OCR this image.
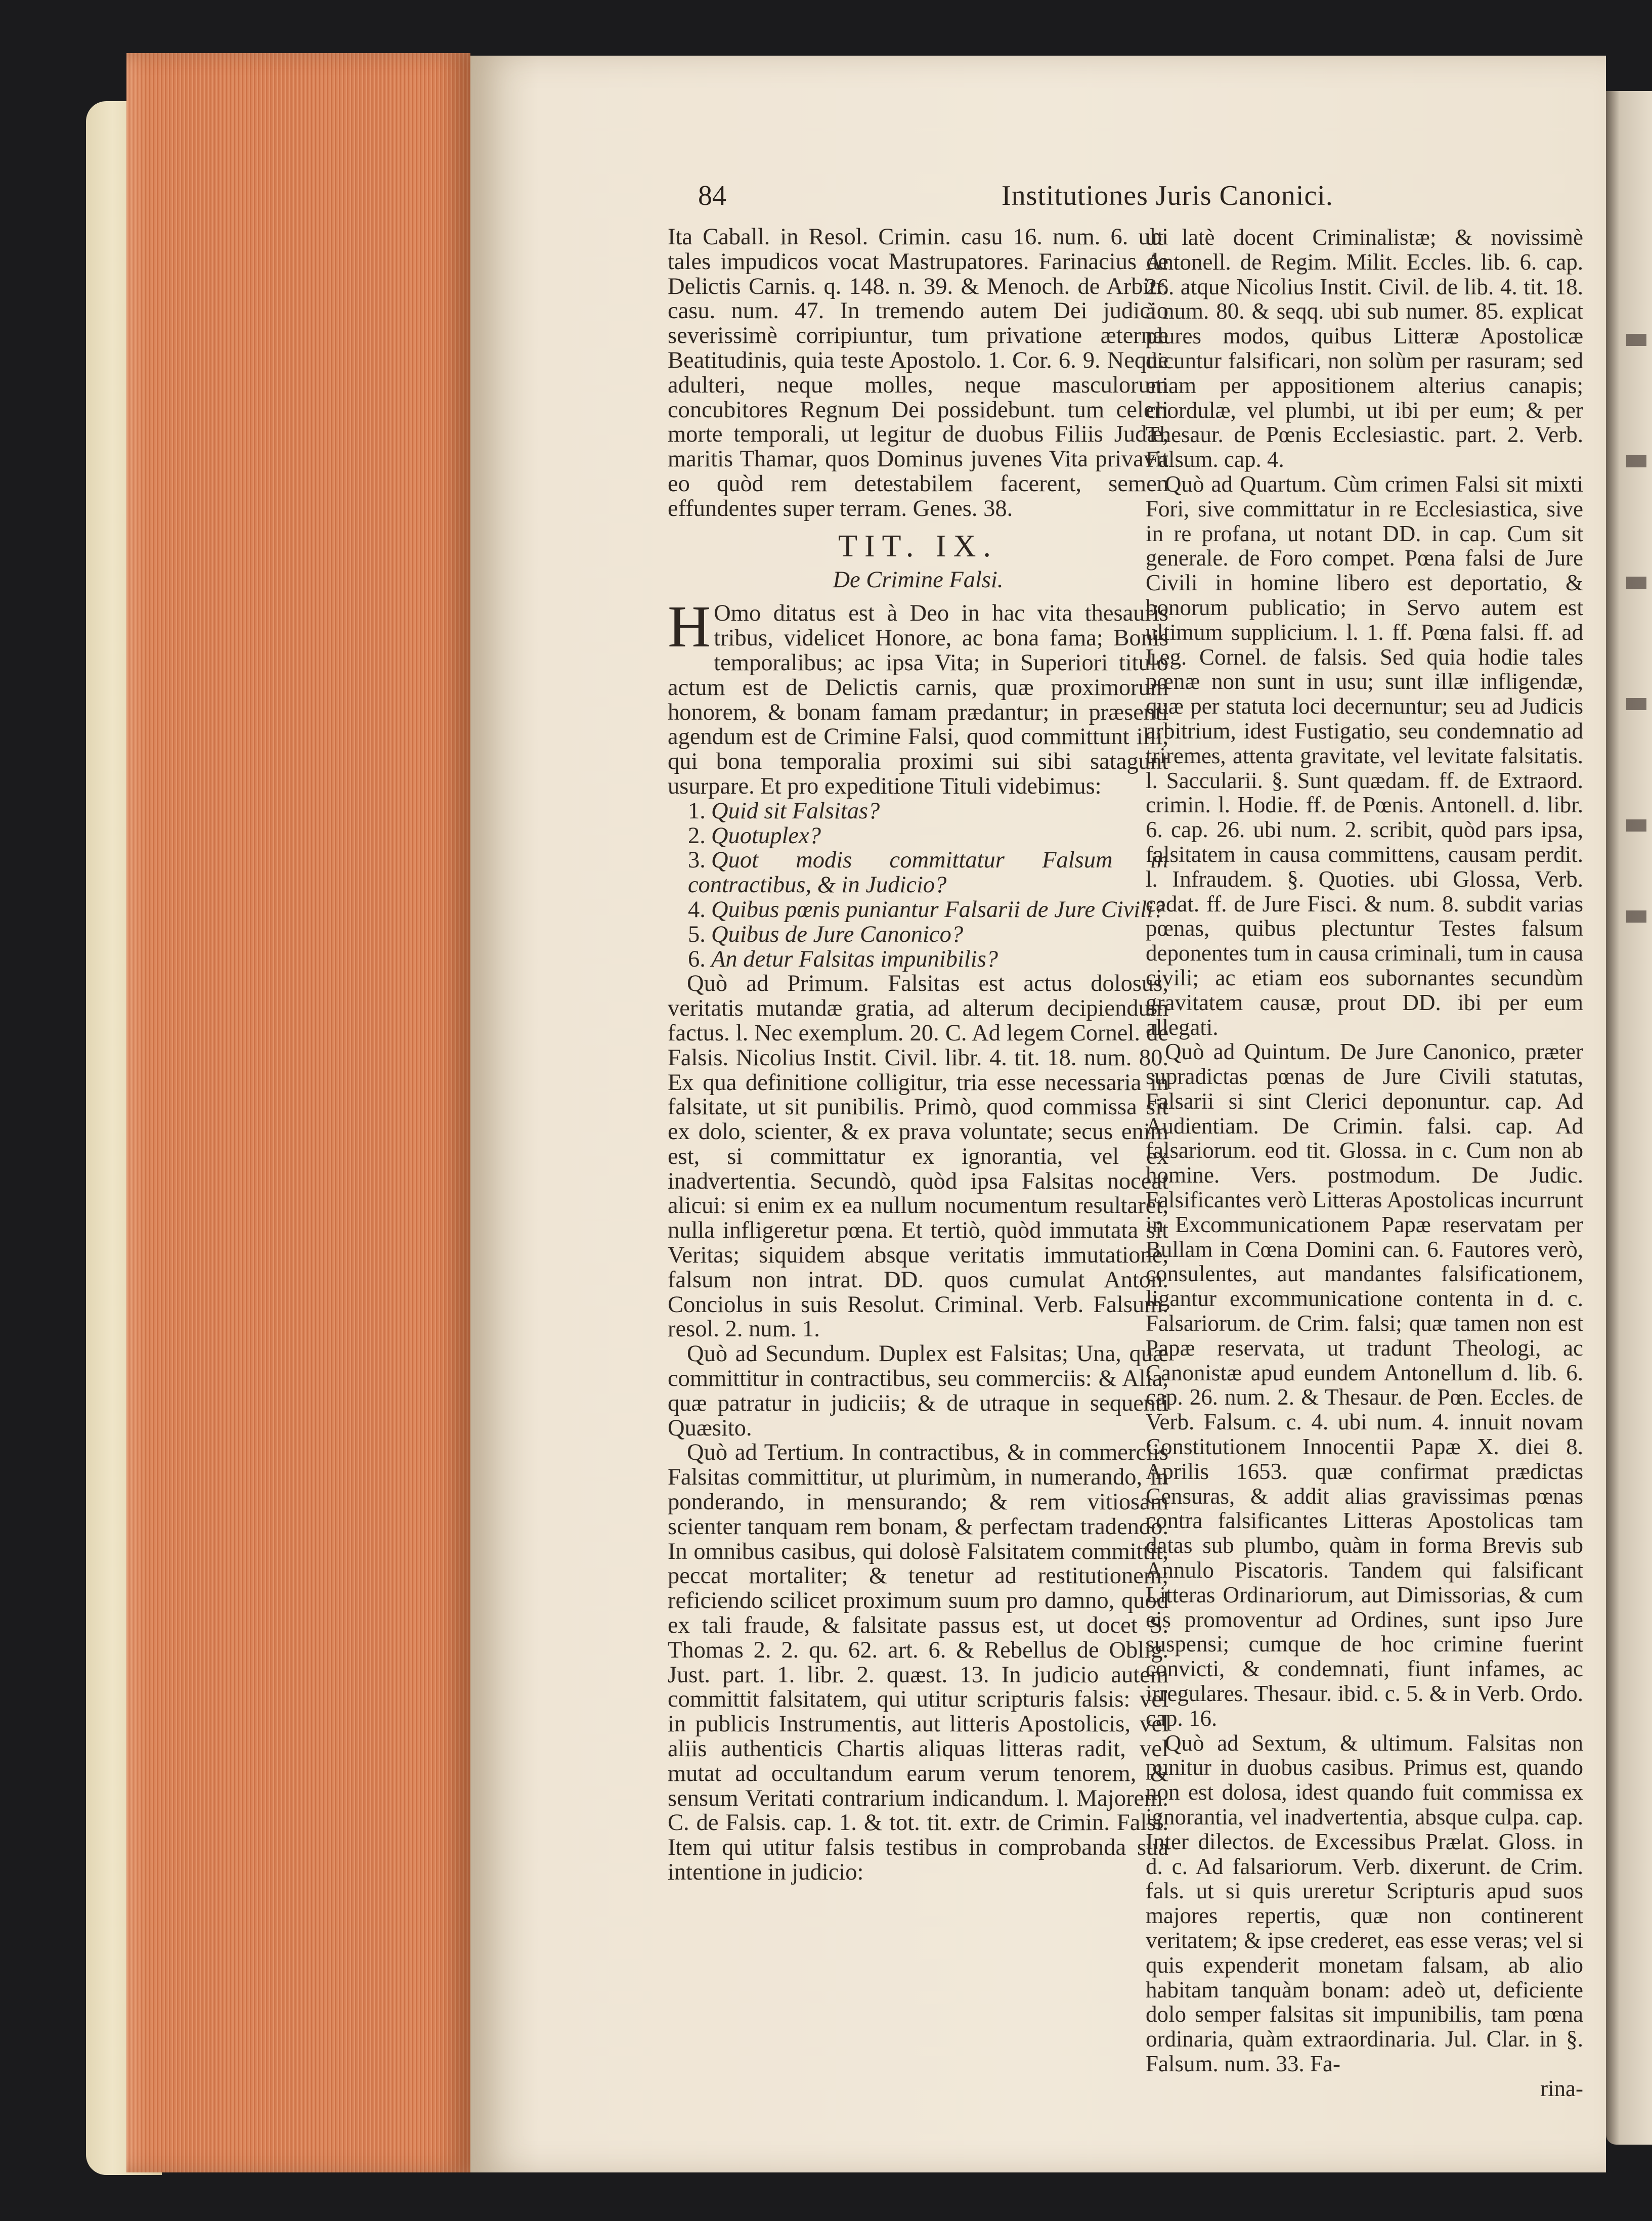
84	Institutiones Juris Canonici.

Ita Caball. in Resol. Crimin. casu 16. num. 6. ubi tales impudicos vocat Mastrupatores. Farinacius de Delictis Carnis. q. 148. n. 39. & Menoch. de Arbitr. casu. num. 47. In tremendo autem Dei judicio severissimè corripiuntur, tum privatione æternæ Beatitudinis, quia teste Apostolo. 1. Cor. 6. 9. Neque adulteri, neque molles, neque masculorum concubitores Regnum Dei possidebunt. tum celeri morte temporali, ut legitur de duobus Filiis Judæ, maritis Thamar, quos Dominus juvenes Vita privavit eo quòd rem detestabilem facerent, semen effundentes super terram. Genes. 38.

TIT. IX.
De Crimine Falsi.

H Omo ditatus est à Deo in hac vita thesauris tribus, videlicet Honore, ac bona fama; Bonis temporalibus; ac ipsa Vita; in Superiori titulo actum est de Delictis carnis, quæ proximorum honorem, & bonam famam prædantur; in præsenti agendum est de Crimine Falsi, quod committunt illi, qui bona temporalia proximi sui sibi satagunt usurpare. Et pro expeditione Tituli videbimus:

1. Quid sit Falsitas?
2. Quotuplex?
3. Quot modis committatur Falsum in contractibus, & in Judicio?
4. Quibus pœnis puniantur Falsarii de Jure Civili?
5. Quibus de Jure Canonico?
6. An detur Falsitas impunibilis?

Quò ad Primum. Falsitas est actus dolosus, veritatis mutandæ gratia, ad alterum decipiendum factus. l. Nec exemplum. 20. C. Ad legem Cornel. de Falsis. Nicolius Instit. Civil. libr. 4. tit. 18. num. 80. Ex qua definitione colligitur, tria esse necessaria in falsitate, ut sit punibilis. Primò, quod commissa sit ex dolo, scienter, & ex prava voluntate; secus enim est, si committatur ex ignorantia, vel ex inadvertentia. Secundò, quòd ipsa Falsitas noceat alicui: si enim ex ea nullum nocumentum resultaret, nulla infligeretur pœna. Et tertiò, quòd immutata sit Veritas; siquidem absque veritatis immutatione, falsum non intrat. DD. quos cumulat Anton. Conciolus in suis Resolut. Criminal. Verb. Falsum. resol. 2. num. 1.

Quò ad Secundum. Duplex est Falsitas; Una, quæ committitur in contractibus, seu commerciis: & Alia, quæ patratur in judiciis; & de utraque in sequenti Quæsito.

Quò ad Tertium. In contractibus, & in commerciis Falsitas committitur, ut plurimùm, in numerando, in ponderando, in mensurando; & rem vitiosam scienter tanquam rem bonam, & perfectam tradendo. In omnibus casibus, qui dolosè Falsitatem committit, peccat mortaliter; & tenetur ad restitutionem; reficiendo scilicet proximum suum pro damno, quod ex tali fraude, & falsitate passus est, ut docet S. Thomas 2. 2. qu. 62. art. 6. & Rebellus de Oblig. Just. part. 1. libr. 2. quæst. 13. In judicio autem committit falsitatem, qui utitur scripturis falsis: vel in publicis Instrumentis, aut litteris Apostolicis, vel aliis authenticis Chartis aliquas litteras radit, vel mutat ad occultandum earum verum tenorem, & sensum Veritati contrarium indicandum. l. Majorem. C. de Falsis. cap. 1. & tot. tit. extr. de Crimin. Falsi. Item qui utitur falsis testibus in comprobanda sua intentione in judicio:

ut latè docent Criminalistæ; & novissimè Antonell. de Regim. Milit. Eccles. lib. 6. cap. 26. atque Nicolius Instit. Civil. de lib. 4. tit. 18. à num. 80. & seqq. ubi sub numer. 85. explicat plures modos, quibus Litteræ Apostolicæ dicuntur falsificari, non solùm per rasuram; sed etiam per appositionem alterius canapis; chordulæ, vel plumbi, ut ibi per eum; & per Thesaur. de Pœnis Ecclesiastic. part. 2. Verb. Falsum. cap. 4.

Quò ad Quartum. Cùm crimen Falsi sit mixti Fori, sive committatur in re Ecclesiastica, sive in re profana, ut notant DD. in cap. Cum sit generale. de Foro compet. Pœna falsi de Jure Civili in homine libero est deportatio, & bonorum publicatio; in Servo autem est ultimum supplicium. l. 1. ff. Pœna falsi. ff. ad Leg. Cornel. de falsis. Sed quia hodie tales pœnæ non sunt in usu; sunt illæ infligendæ, quæ per statuta loci decernuntur; seu ad Judicis arbitrium, idest Fustigatio, seu condemnatio ad triremes, attenta gravitate, vel levitate falsitatis. l. Saccularii. §. Sunt quædam. ff. de Extraord. crimin. l. Hodie. ff. de Pœnis. Antonell. d. libr. 6. cap. 26. ubi num. 2. scribit, quòd pars ipsa, falsitatem in causa committens, causam perdit. l. Infraudem. §. Quoties. ubi Glossa, Verb. cadat. ff. de Jure Fisci. & num. 8. subdit varias pœnas, quibus plectuntur Testes falsum deponentes tum in causa criminali, tum in causa civili; ac etiam eos subornantes secundùm gravitatem causæ, prout DD. ibi per eum allegati.

Quò ad Quintum. De Jure Canonico, præter supradictas pœnas de Jure Civili statutas, Falsarii si sint Clerici deponuntur. cap. Ad Audientiam. De Crimin. falsi. cap. Ad falsariorum. eod tit. Glossa. in c. Cum non ab homine. Vers. postmodum. De Judic. Falsificantes verò Litteras Apostolicas incurrunt in Excommunicationem Papæ reservatam per Bullam in Cœna Domini can. 6. Fautores verò, consulentes, aut mandantes falsificationem, ligantur excommunicatione contenta in d. c. Falsariorum. de Crim. falsi; quæ tamen non est Papæ reservata, ut tradunt Theologi, ac Canonistæ apud eundem Antonellum d. lib. 6. cap. 26. num. 2. & Thesaur. de Pœn. Eccles. de Verb. Falsum. c. 4. ubi num. 4. innuit novam Constitutionem Innocentii Papæ X. diei 8. Aprilis 1653. quæ confirmat prædictas Censuras, & addit alias gravissimas pœnas contra falsificantes Litteras Apostolicas tam datas sub plumbo, quàm in forma Brevis sub Annulo Piscatoris. Tandem qui falsificant Litteras Ordinariorum, aut Dimissorias, & cum eis promoventur ad Ordines, sunt ipso Jure suspensi; cumque de hoc crimine fuerint convicti, & condemnati, fiunt infames, ac irregulares. Thesaur. ibid. c. 5. & in Verb. Ordo. cap. 16.

Quò ad Sextum, & ultimum. Falsitas non punitur in duobus casibus. Primus est, quando non est dolosa, idest quando fuit commissa ex ignorantia, vel inadvertentia, absque culpa. cap. Inter dilectos. de Excessibus Prælat. Gloss. in d. c. Ad falsariorum. Verb. dixerunt. de Crim. fals. ut si quis ureretur Scripturis apud suos majores repertis, quæ non continerent veritatem; & ipse crederet, eas esse veras; vel si quis expenderit monetam falsam, ab alio habitam tanquàm bonam: adeò ut, deficiente dolo semper falsitas sit impunibilis, tam pœna ordinaria, quàm extraordinaria. Jul. Clar. in §. Falsum. num. 33. Fa-

rina-
